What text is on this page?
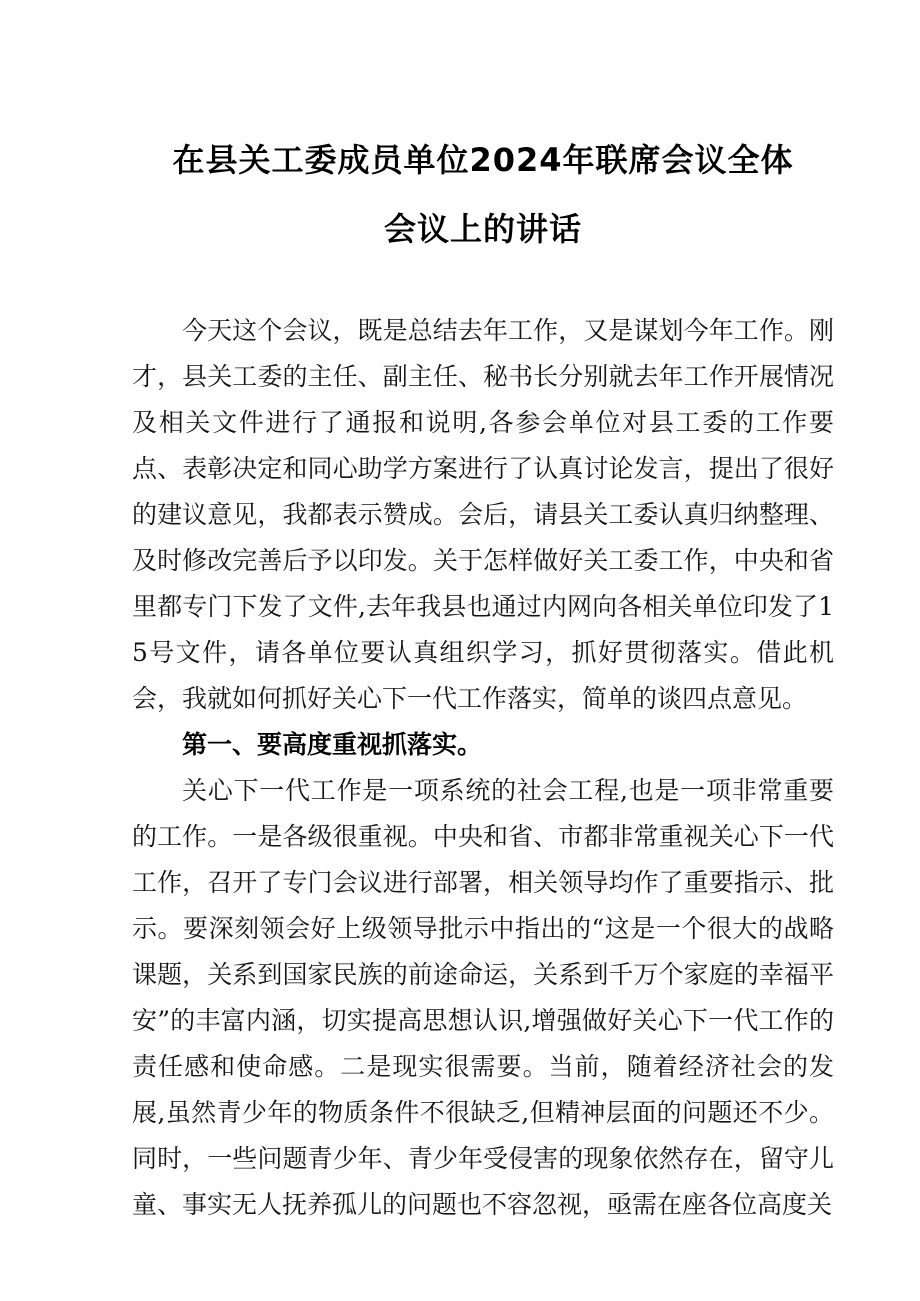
在县关工委成员单位2024年联席会议全体
会议上的讲话

今天这个会议，既是总结去年工作，又是谋划今年工作。刚才，县关工委的主任、副主任、秘书长分别就去年工作开展情况及相关文件进行了通报和说明,各参会单位对县工委的工作要点、表彰决定和同心助学方案进行了认真讨论发言，提出了很好的建议意见，我都表示赞成。会后，请县关工委认真归纳整理、及时修改完善后予以印发。关于怎样做好关工委工作，中央和省里都专门下发了文件,去年我县也通过内网向各相关单位印发了15号文件，请各单位要认真组织学习，抓好贯彻落实。借此机会，我就如何抓好关心下一代工作落实，简单的谈四点意见。

第一、要高度重视抓落实。

关心下一代工作是一项系统的社会工程,也是一项非常重要的工作。一是各级很重视。中央和省、市都非常重视关心下一代工作，召开了专门会议进行部署，相关领导均作了重要指示、批示。要深刻领会好上级领导批示中指出的“这是一个很大的战略课题，关系到国家民族的前途命运，关系到千万个家庭的幸福平安”的丰富内涵，切实提高思想认识,增强做好关心下一代工作的责任感和使命感。二是现实很需要。当前，随着经济社会的发展,虽然青少年的物质条件不很缺乏,但精神层面的问题还不少。同时，一些问题青少年、青少年受侵害的现象依然存在，留守儿童、事实无人抚养孤儿的问题也不容忽视，亟需在座各位高度关
